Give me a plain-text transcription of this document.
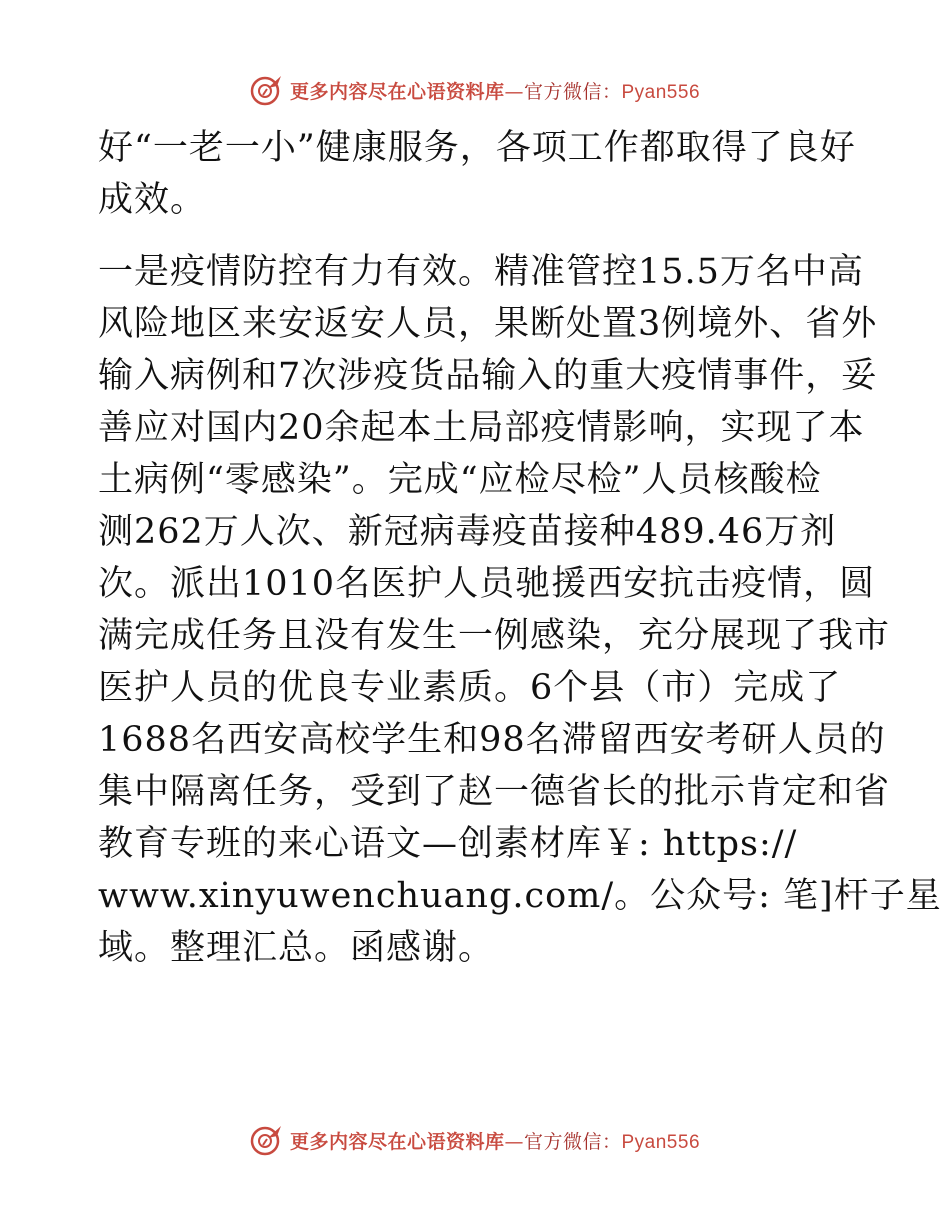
更多内容尽在心语资料库—官方微信：Pyan556
好“一老一小”健康服务，各项工作都取得了良好
成效。
一是疫情防控有力有效。精准管控15.5万名中高
风险地区来安返安人员，果断处置3例境外、省外
输入病例和7次涉疫货品输入的重大疫情事件，妥
善应对国内20余起本土局部疫情影响，实现了本
土病例“零感染”。完成“应检尽检”人员核酸检
测262万人次、新冠病毒疫苗接种489.46万剂
次。派出1010名医护人员驰援西安抗击疫情，圆
满完成任务且没有发生一例感染，充分展现了我市
医护人员的优良专业素质。6个县（市）完成了
1688名西安高校学生和98名滞留西安考研人员的
集中隔离任务，受到了赵一德省长的批示肯定和省
教育专班的来心语文—创素材库￥: https://
www.xinyuwenchuang.com/。公众号: 笔]杆子星
域。整理汇总。函感谢。
更多内容尽在心语资料库—官方微信：Pyan556
